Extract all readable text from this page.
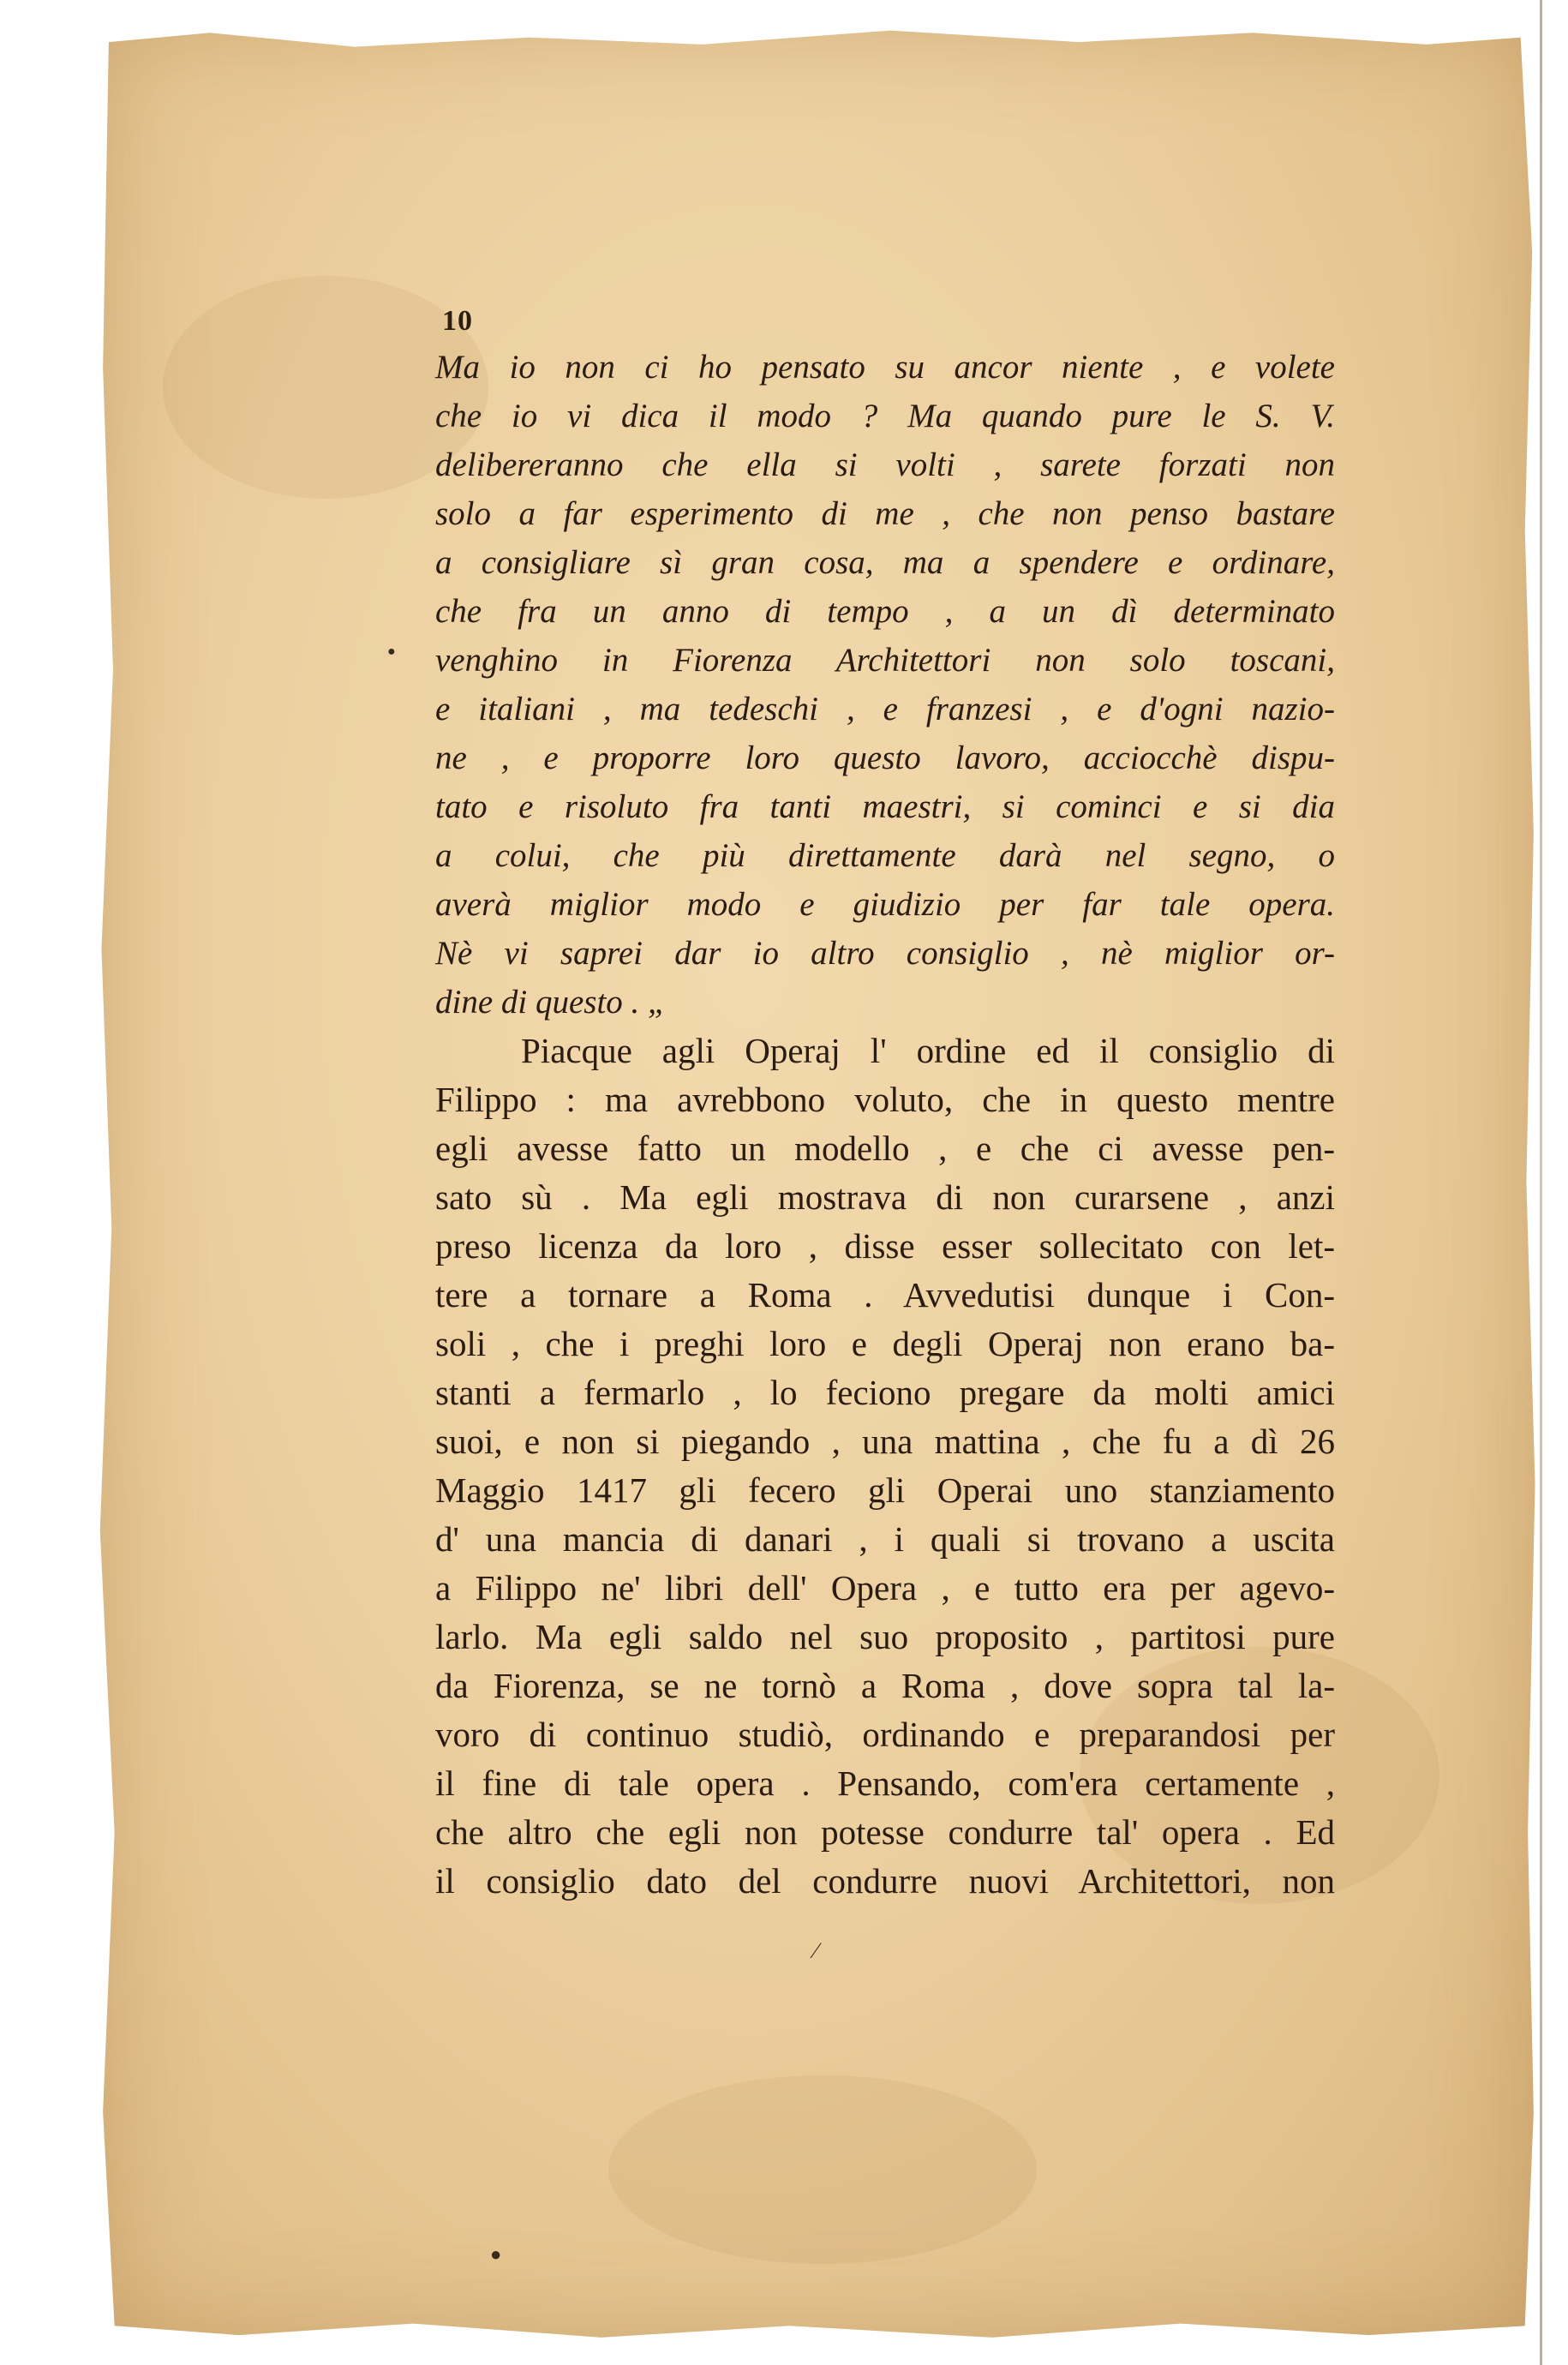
10
Ma io non ci ho pensato su ancor niente , e volete
che io vi dica il modo ? Ma quando pure le S. V.
delibereranno che ella si volti , sarete forzati non
solo a far esperimento di me , che non penso bastare
a consigliare sì gran cosa, ma a spendere e ordinare,
che fra un anno di tempo , a un dì determinato
venghino in Fiorenza Architettori non solo toscani,
e italiani , ma tedeschi , e franzesi , e d'ogni nazio-
ne , e proporre loro questo lavoro, acciocchè dispu-
tato e risoluto fra tanti maestri, si cominci e si dia
a colui, che più direttamente darà nel segno, o
averà miglior modo e giudizio per far tale opera.
Nè vi saprei dar io altro consiglio , nè miglior or-
dine di questo . „
Piacque agli Operaj l' ordine ed il consiglio di
Filippo : ma avrebbono voluto, che in questo mentre
egli avesse fatto un modello , e che ci avesse pen-
sato sù . Ma egli mostrava di non curarsene , anzi
preso licenza da loro , disse esser sollecitato con let-
tere a tornare a Roma . Avvedutisi dunque i Con-
soli , che i preghi loro e degli Operaj non erano ba-
stanti a fermarlo , lo feciono pregare da molti amici
suoi, e non si piegando , una mattina , che fu a dì 26
Maggio 1417 gli fecero gli Operai uno stanziamento
d' una mancia di danari , i quali si trovano a uscita
a Filippo ne' libri dell' Opera , e tutto era per agevo-
larlo. Ma egli saldo nel suo proposito , partitosi pure
da Fiorenza, se ne tornò a Roma , dove sopra tal la-
voro di continuo studiò, ordinando e preparandosi per
il fine di tale opera . Pensando, com'era certamente ,
che altro che egli non potesse condurre tal' opera . Ed
il consiglio dato del condurre nuovi Architettori, non
⁄
●
●
